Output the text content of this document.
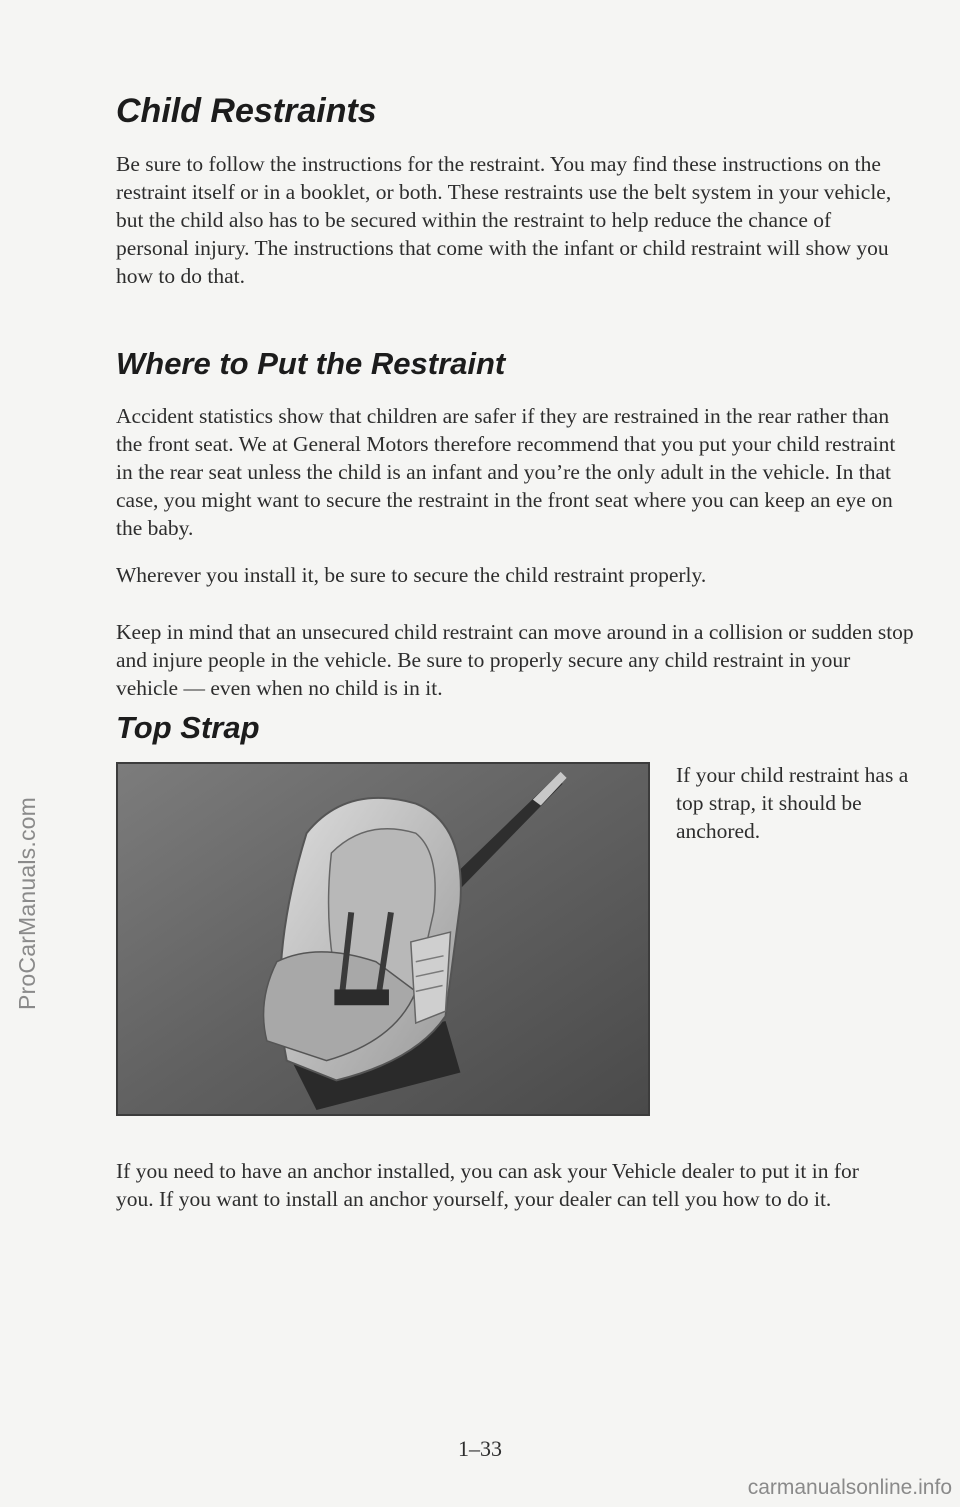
ProCarManuals.com
Child Restraints

Be sure to follow the instructions for the restraint. You may find these instructions on the restraint itself or in a booklet, or both. These restraints use the belt system in your vehicle, but the child also has to be secured within the restraint to help reduce the chance of personal injury. The instructions that come with the infant or child restraint will show you how to do that.

Where to Put the Restraint

Accident statistics show that children are safer if they are restrained in the rear rather than the front seat. We at General Motors therefore recommend that you put your child restraint in the rear seat unless the child is an infant and you’re the only adult in the vehicle. In that case, you might want to secure the restraint in the front seat where you can keep an eye on the baby.

Wherever you install it, be sure to secure the child restraint properly.

Keep in mind that an unsecured child restraint can move around in a collision or sudden stop and injure people in the vehicle. Be sure to properly secure any child restraint in your vehicle — even when no child is in it.

Top Strap

If your child restraint has a top strap, it should be anchored.

If you need to have an anchor installed, you can ask your Vehicle dealer to put it in for you. If you want to install an anchor yourself, your dealer can tell you how to do it.

1–33
carmanualsonline.info
